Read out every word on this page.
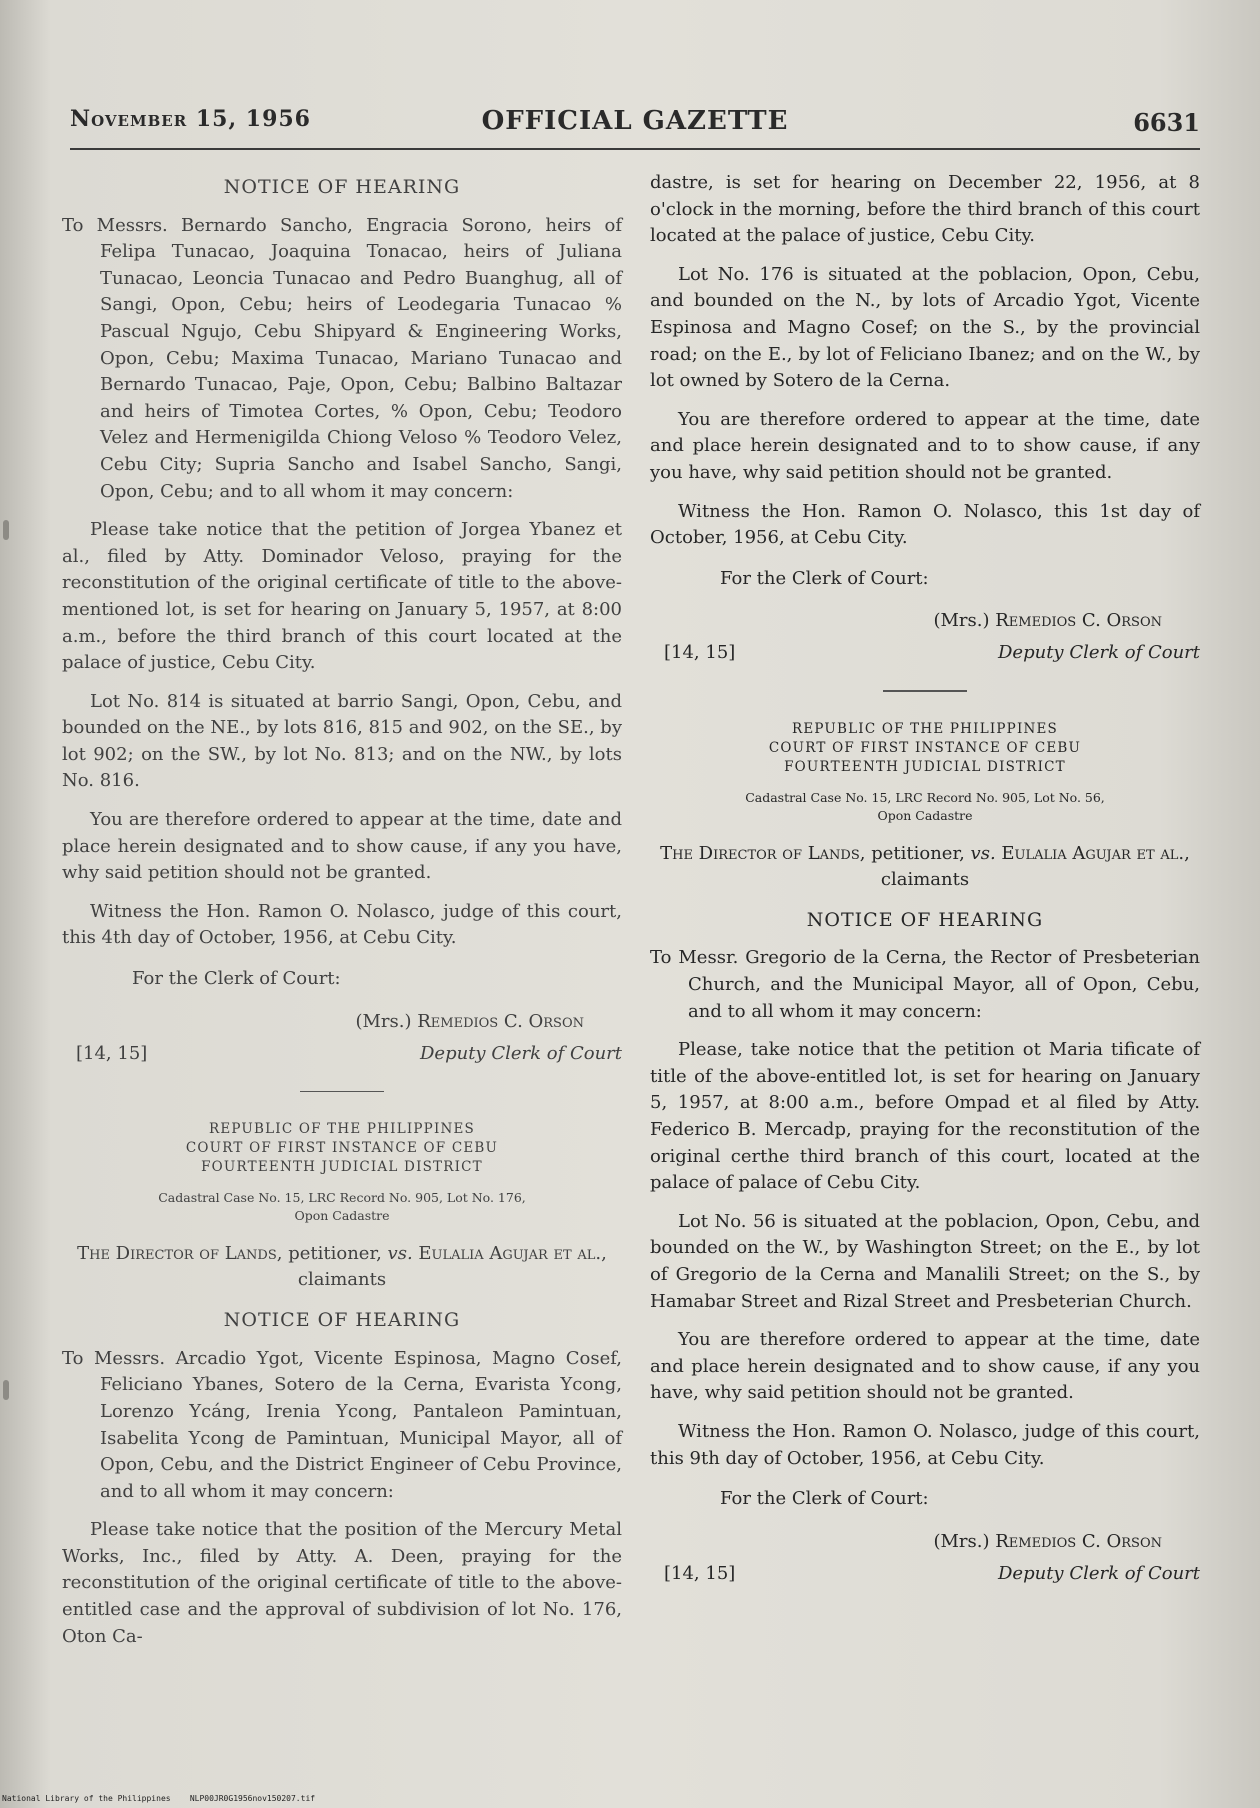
November 15, 1956	OFFICIAL GAZETTE	6631
NOTICE OF HEARING

To Messrs. Bernardo Sancho, Engracia Sorono, heirs of Felipa Tunacao, Joaquina Tonacao, heirs of Juliana Tunacao, Leoncia Tunacao and Pedro Buanghug, all of Sangi, Opon, Cebu; heirs of Leodegaria Tunacao % Pascual Ngujo, Cebu Shipyard & Engineering Works, Opon, Cebu; Maxima Tunacao, Mariano Tunacao and Bernardo Tunacao, Paje, Opon, Cebu; Balbino Baltazar and heirs of Timotea Cortes, % Opon, Cebu; Teodoro Velez and Hermenigilda Chiong Veloso % Teodoro Velez, Cebu City; Supria Sancho and Isabel Sancho, Sangi, Opon, Cebu; and to all whom it may concern:

Please take notice that the petition of Jorgea Ybanez et al., filed by Atty. Dominador Veloso, praying for the reconstitution of the original certificate of title to the above-mentioned lot, is set for hearing on January 5, 1957, at 8:00 a.m., before the third branch of this court located at the palace of justice, Cebu City.

Lot No. 814 is situated at barrio Sangi, Opon, Cebu, and bounded on the NE., by lots 816, 815 and 902, on the SE., by lot 902; on the SW., by lot No. 813; and on the NW., by lots No. 816.

You are therefore ordered to appear at the time, date and place herein designated and to show cause, if any you have, why said petition should not be granted.

Witness the Hon. Ramon O. Nolasco, judge of this court, this 4th day of October, 1956, at Cebu City.

For the Clerk of Court:

(Mrs.) Remedios C. Orson
[14, 15]	Deputy Clerk of Court
REPUBLIC OF THE PHILIPPINES
COURT OF FIRST INSTANCE OF CEBU
FOURTEENTH JUDICIAL DISTRICT
Cadastral Case No. 15, LRC Record No. 905, Lot No. 176,
Opon Cadastre
The Director of Lands, petitioner, vs. Eulalia Agujar et al., claimants
NOTICE OF HEARING

To Messrs. Arcadio Ygot, Vicente Espinosa, Magno Cosef, Feliciano Ybanes, Sotero de la Cerna, Evarista Ycong, Lorenzo Ycáng, Irenia Ycong, Pantaleon Pamintuan, Isabelita Ycong de Pamintuan, Municipal Mayor, all of Opon, Cebu, and the District Engineer of Cebu Province, and to all whom it may concern:

Please take notice that the position of the Mercury Metal Works, Inc., filed by Atty. A. Deen, praying for the reconstitution of the original certificate of title to the above-entitled case and the approval of subdivision of lot No. 176, Oton Ca-

dastre, is set for hearing on December 22, 1956, at 8 o'clock in the morning, before the third branch of this court located at the palace of justice, Cebu City.

Lot No. 176 is situated at the poblacion, Opon, Cebu, and bounded on the N., by lots of Arcadio Ygot, Vicente Espinosa and Magno Cosef; on the S., by the provincial road; on the E., by lot of Feliciano Ibanez; and on the W., by lot owned by Sotero de la Cerna.

You are therefore ordered to appear at the time, date and place herein designated and to to show cause, if any you have, why said petition should not be granted.

Witness the Hon. Ramon O. Nolasco, this 1st day of October, 1956, at Cebu City.

For the Clerk of Court:

(Mrs.) Remedios C. Orson
[14, 15]	Deputy Clerk of Court
REPUBLIC OF THE PHILIPPINES
COURT OF FIRST INSTANCE OF CEBU
FOURTEENTH JUDICIAL DISTRICT
Cadastral Case No. 15, LRC Record No. 905, Lot No. 56,
Opon Cadastre
The Director of Lands, petitioner, vs. Eulalia Agujar et al., claimants
NOTICE OF HEARING

To Messr. Gregorio de la Cerna, the Rector of Presbeterian Church, and the Municipal Mayor, all of Opon, Cebu, and to all whom it may concern:

Please, take notice that the petition ot Maria tificate of title of the above-entitled lot, is set for hearing on January 5, 1957, at 8:00 a.m., before Ompad et al filed by Atty. Federico B. Mercadp, praying for the reconstitution of the original certhe third branch of this court, located at the palace of palace of Cebu City.

Lot No. 56 is situated at the poblacion, Opon, Cebu, and bounded on the W., by Washington Street; on the E., by lot of Gregorio de la Cerna and Manalili Street; on the S., by Hamabar Street and Rizal Street and Presbeterian Church.

You are therefore ordered to appear at the time, date and place herein designated and to show cause, if any you have, why said petition should not be granted.

Witness the Hon. Ramon O. Nolasco, judge of this court, this 9th day of October, 1956, at Cebu City.

For the Clerk of Court:

(Mrs.) Remedios C. Orson
[14, 15]	Deputy Clerk of Court
National Library of the Philippines NLP00JR0G1956nov150207.tif
